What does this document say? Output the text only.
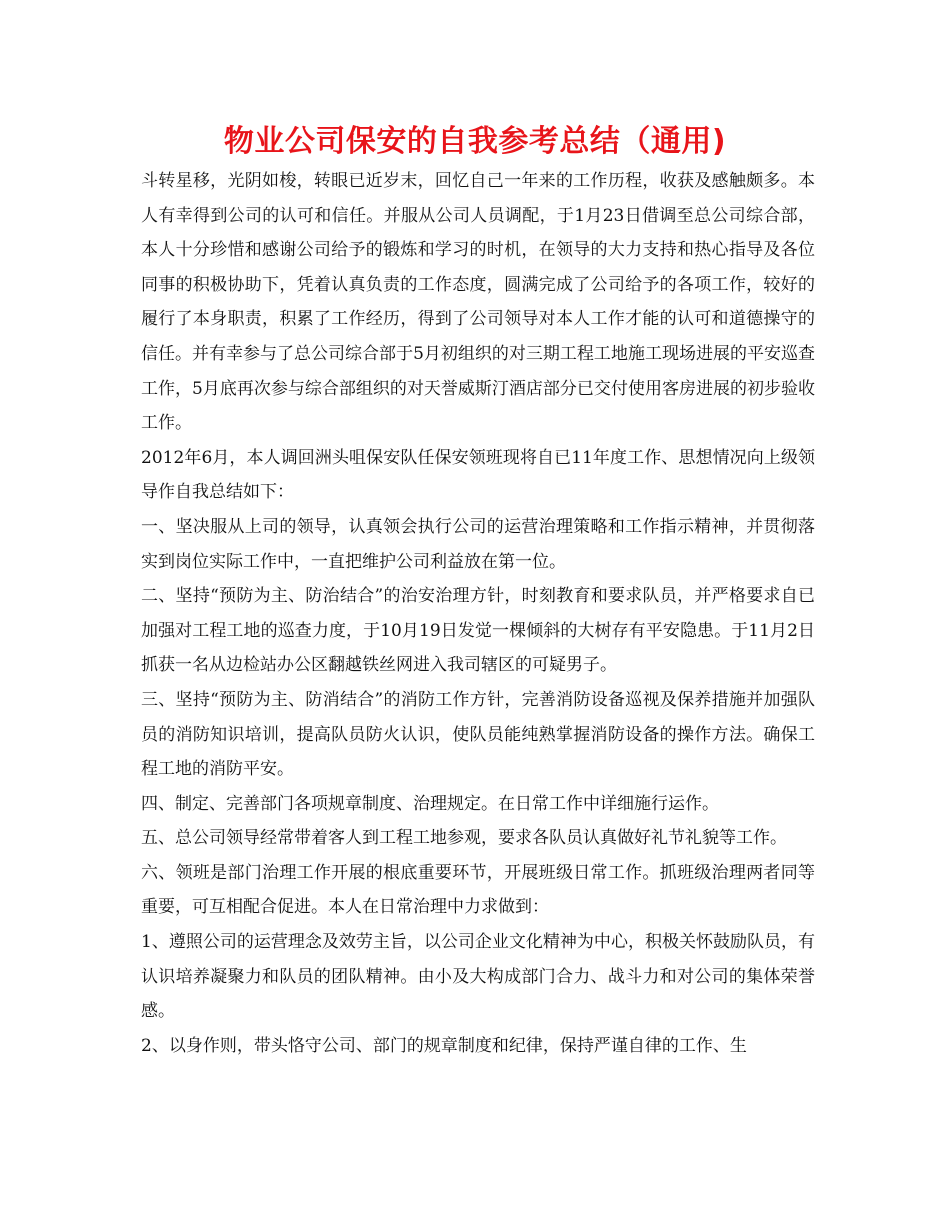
物业公司保安的自我参考总结（通用)

斗转星移，光阴如梭，转眼已近岁末，回忆自己一年来的工作历程，收获及感触颇多。本人有幸得到公司的认可和信任。并服从公司人员调配，于1月23日借调至总公司综合部，本人十分珍惜和感谢公司给予的锻炼和学习的时机，在领导的大力支持和热心指导及各位同事的积极协助下，凭着认真负责的工作态度，圆满完成了公司给予的各项工作，较好的履行了本身职责，积累了工作经历，得到了公司领导对本人工作才能的认可和道德操守的信任。并有幸参与了总公司综合部于5月初组织的对三期工程工地施工现场进展的平安巡查工作，5月底再次参与综合部组织的对天誉威斯汀酒店部分已交付使用客房进展的初步验收工作。

2012年6月，本人调回洲头咀保安队任保安领班现将自已11年度工作、思想情况向上级领导作自我总结如下：

一、坚决服从上司的领导，认真领会执行公司的运营治理策略和工作指示精神，并贯彻落实到岗位实际工作中，一直把维护公司利益放在第一位。

二、坚持“预防为主、防治结合”的治安治理方针，时刻教育和要求队员，并严格要求自已加强对工程工地的巡查力度，于10月19日发觉一棵倾斜的大树存有平安隐患。于11月2日抓获一名从边检站办公区翻越铁丝网进入我司辖区的可疑男子。

三、坚持“预防为主、防消结合”的消防工作方针，完善消防设备巡视及保养措施并加强队员的消防知识培训，提高队员防火认识，使队员能纯熟掌握消防设备的操作方法。确保工程工地的消防平安。

四、制定、完善部门各项规章制度、治理规定。在日常工作中详细施行运作。

五、总公司领导经常带着客人到工程工地参观，要求各队员认真做好礼节礼貌等工作。

六、领班是部门治理工作开展的根底重要环节，开展班级日常工作。抓班级治理两者同等重要，可互相配合促进。本人在日常治理中力求做到：

1、遵照公司的运营理念及效劳主旨，以公司企业文化精神为中心，积极关怀鼓励队员，有认识培养凝聚力和队员的团队精神。由小及大构成部门合力、战斗力和对公司的集体荣誉感。

2、以身作则，带头恪守公司、部门的规章制度和纪律，保持严谨自律的工作、生
